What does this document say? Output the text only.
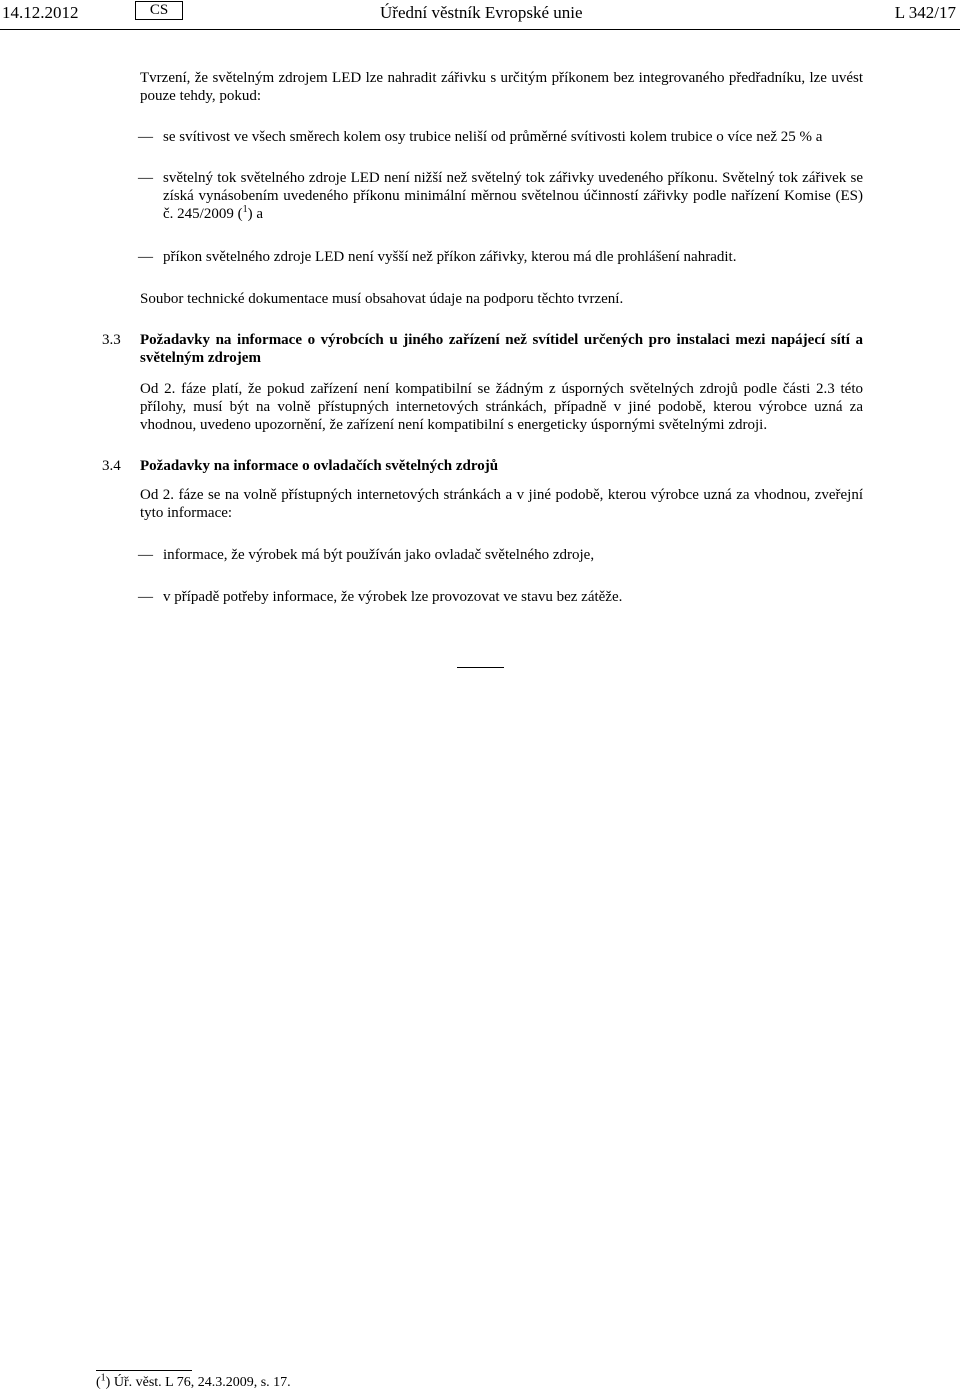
14.12.2012	CS	Úřední věstník Evropské unie	L 342/17

Tvrzení, že světelným zdrojem LED lze nahradit zářivku s určitým příkonem bez integrovaného předřadníku, lze uvést pouze tehdy, pokud:

— se svítivost ve všech směrech kolem osy trubice neliší od průměrné svítivosti kolem trubice o více než 25 % a
— světelný tok světelného zdroje LED není nižší než světelný tok zářivky uvedeného příkonu. Světelný tok zářivek se získá vynásobením uvedeného příkonu minimální měrnou světelnou účinností zářivky podle nařízení Komise (ES) č. 245/2009 ($^1$) a
— příkon světelného zdroje LED není vyšší než příkon zářivky, kterou má dle prohlášení nahradit.

Soubor technické dokumentace musí obsahovat údaje na podporu těchto tvrzení.

3.3 Požadavky na informace o výrobcích u jiného zařízení než svítidel určených pro instalaci mezi napájecí sítí a světelným zdrojem

Od 2. fáze platí, že pokud zařízení není kompatibilní se žádným z úsporných světelných zdrojů podle části 2.3 této přílohy, musí být na volně přístupných internetových stránkách, případně v jiné podobě, kterou výrobce uzná za vhodnou, uvedeno upozornění, že zařízení není kompatibilní s energeticky úspornými světelnými zdroji.

3.4 Požadavky na informace o ovladačích světelných zdrojů

Od 2. fáze se na volně přístupných internetových stránkách a v jiné podobě, kterou výrobce uzná za vhodnou, zveřejní tyto informace:

— informace, že výrobek má být používán jako ovladač světelného zdroje,
— v případě potřeby informace, že výrobek lze provozovat ve stavu bez zátěže.
($^1$) Úř. věst. L 76, 24.3.2009, s. 17.
